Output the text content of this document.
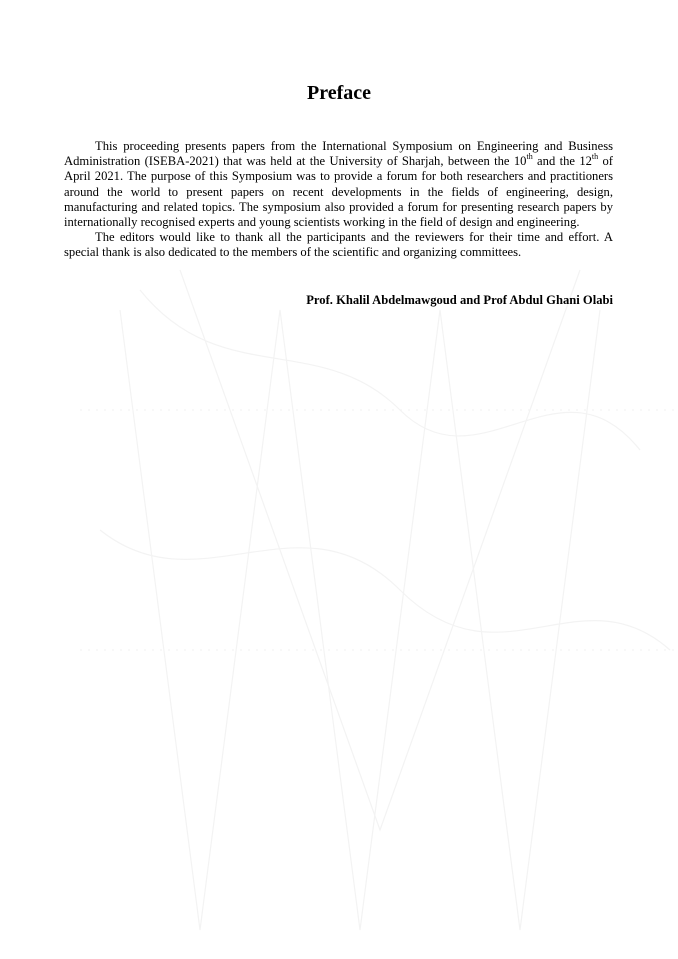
Preface

This proceeding presents papers from the International Symposium on Engineering and Business Administration (ISEBA-2021) that was held at the University of Sharjah, between the 10th and the 12th of April 2021. The purpose of this Symposium was to provide a forum for both researchers and practitioners around the world to present papers on recent developments in the fields of engineering, design, manufacturing and related topics. The symposium also provided a forum for presenting research papers by internationally recognised experts and young scientists working in the field of design and engineering.

The editors would like to thank all the participants and the reviewers for their time and effort. A special thank is also dedicated to the members of the scientific and organizing committees.

Prof. Khalil Abdelmawgoud and Prof Abdul Ghani Olabi
